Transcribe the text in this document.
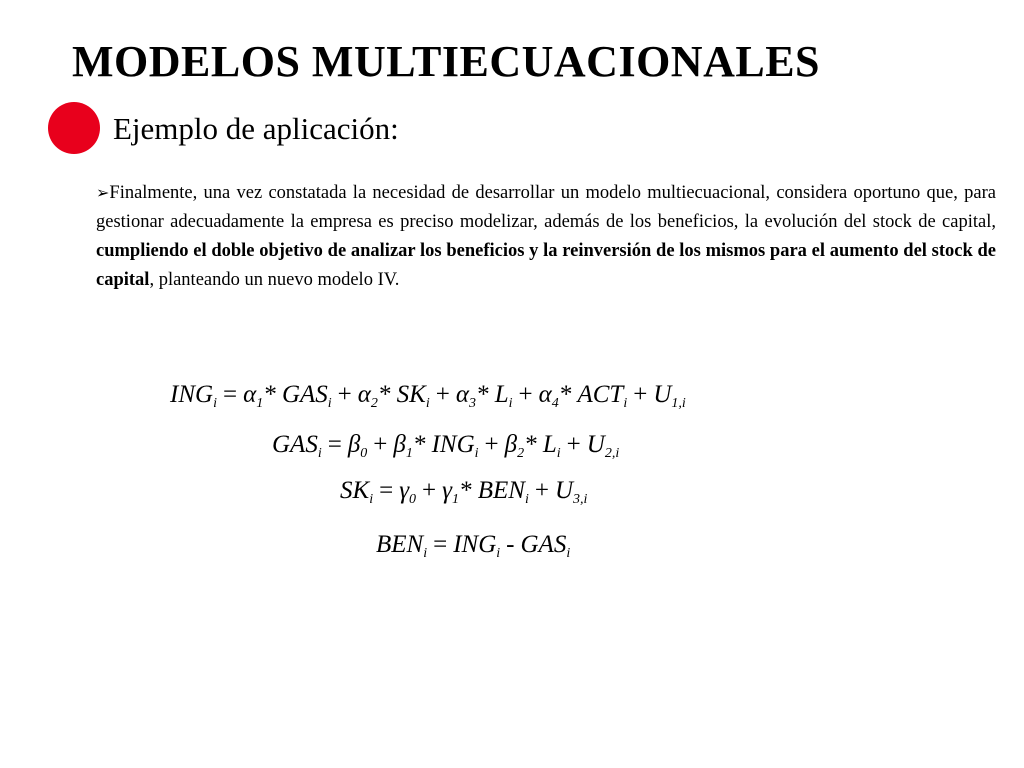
MODELOS MULTIECUACIONALES
Ejemplo de aplicación:

➢Finalmente, una vez constatada la necesidad de desarrollar un modelo multiecuacional, considera oportuno que, para gestionar adecuadamente la empresa es preciso modelizar, además de los beneficios, la evolución del stock de capital, cumpliendo el doble objetivo de analizar los beneficios y la reinversión de los mismos para el aumento del stock de capital, planteando un nuevo modelo IV.

$ING_i = \alpha_1*$ $GAS_i + \alpha_2*$ $SK_i + \alpha_3*$ $L_i + \alpha_4*$ $ACT_i + U_{1,i}$
$GAS_i = \beta_0 + \beta_1*$ $ING_i + \beta_2*$ $L_i + U_{2,i}$
$SK_i = \gamma_0 + \gamma_1*$ $BEN_i + U_{3,i}$
$BEN_i = ING_i - GAS_i$
